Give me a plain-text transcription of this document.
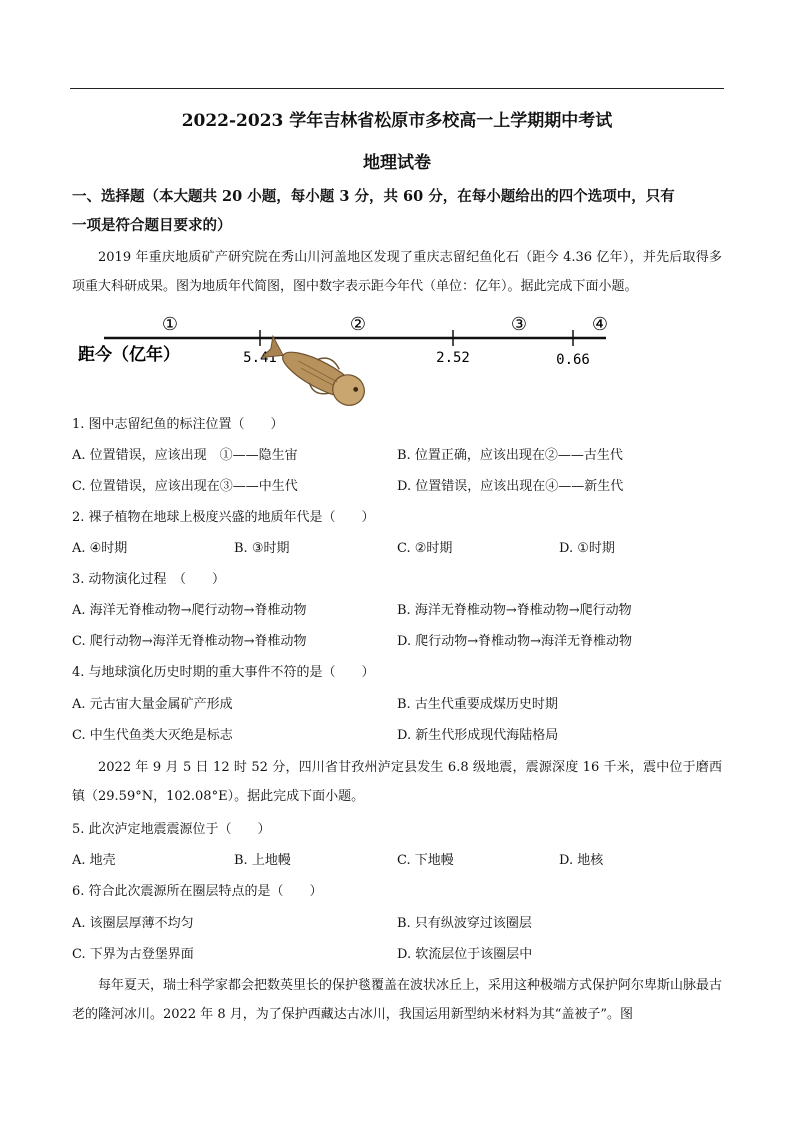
2022-2023 学年吉林省松原市多校高一上学期期中考试
地理试卷
一、选择题（本大题共 20 小题，每小题 3 分，共 60 分，在每小题给出的四个选项中，只有
一项是符合题目要求的）
2019 年重庆地质矿产研究院在秀山川河盖地区发现了重庆志留纪鱼化石（距今 4.36 亿年），并先后取得多项重大科研成果。图为地质年代简图，图中数字表示距今年代（单位：亿年）。据此完成下面小题。
①	②	③	④
距今（亿年）	5.41	2.52	0.66
1. 图中志留纪鱼的标注位置（　　）
A. 位置错误，应该出现　①——隐生宙	B. 位置正确，应该出现在②——古生代
C. 位置错误，应该出现在③——中生代	D. 位置错误，应该出现在④——新生代
2. 裸子植物在地球上极度兴盛的地质年代是（　　）
A. ④时期	B. ③时期	C. ②时期	D. ①时期
3. 动物演化过程　（　　）
A. 海洋无脊椎动物→爬行动物→脊椎动物	B. 海洋无脊椎动物→脊椎动物→爬行动物
C. 爬行动物→海洋无脊椎动物→脊椎动物	D. 爬行动物→脊椎动物→海洋无脊椎动物
4. 与地球演化历史时期的重大事件不符的是（　　）
A. 元古宙大量金属矿产形成	B. 古生代重要成煤历史时期
C. 中生代鱼类大灭绝是标志	D. 新生代形成现代海陆格局
2022 年 9 月 5 日 12 时 52 分，四川省甘孜州泸定县发生 6.8 级地震，震源深度 16 千米，震中位于磨西镇（29.59°N，102.08°E）。据此完成下面小题。
5. 此次泸定地震震源位于（　　）
A. 地壳	B. 上地幔	C. 下地幔	D. 地核
6. 符合此次震源所在圈层特点的是（　　）
A. 该圈层厚薄不均匀	B. 只有纵波穿过该圈层
C. 下界为古登堡界面	D. 软流层位于该圈层中
每年夏天，瑞士科学家都会把数英里长的保护毯覆盖在波状冰丘上，采用这种极端方式保护阿尔卑斯山脉最古老的隆河冰川。2022 年 8 月，为了保护西藏达古冰川，我国运用新型纳米材料为其“盖被子”。图
